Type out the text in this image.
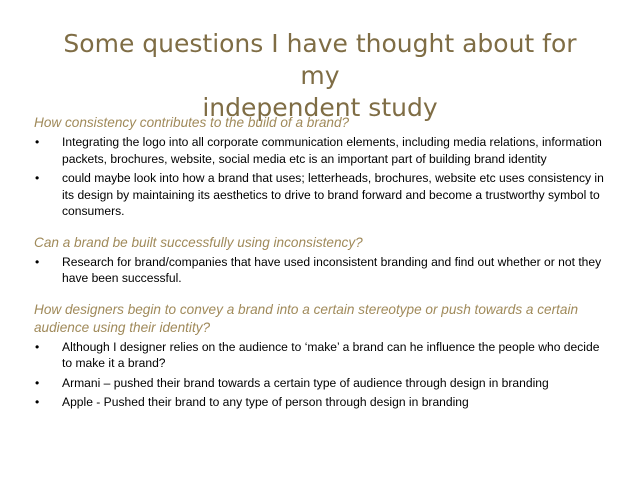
Some questions I have thought about for my
independent study

How consistency contributes to the build of a brand?

•	Integrating the logo into all corporate communication elements, including media relations, information packets, brochures, website, social media etc is an important part of building brand identity
•	could maybe look into how a brand that uses; letterheads, brochures, website etc uses consistency in its design by maintaining its aesthetics to drive to brand forward and become a trustworthy symbol to consumers.

Can a brand be built successfully using inconsistency?

•	Research for brand/companies that have used inconsistent branding and find out whether or not they have been successful.

How designers begin to convey a brand into a certain stereotype or push towards a certain audience using their identity?

•	Although I designer relies on the audience to ‘make’ a brand can he influence the people who decide to make it a brand?
•	Armani – pushed their brand towards a certain type of audience through design in branding
•	Apple - Pushed their brand to any type of person through design in branding
